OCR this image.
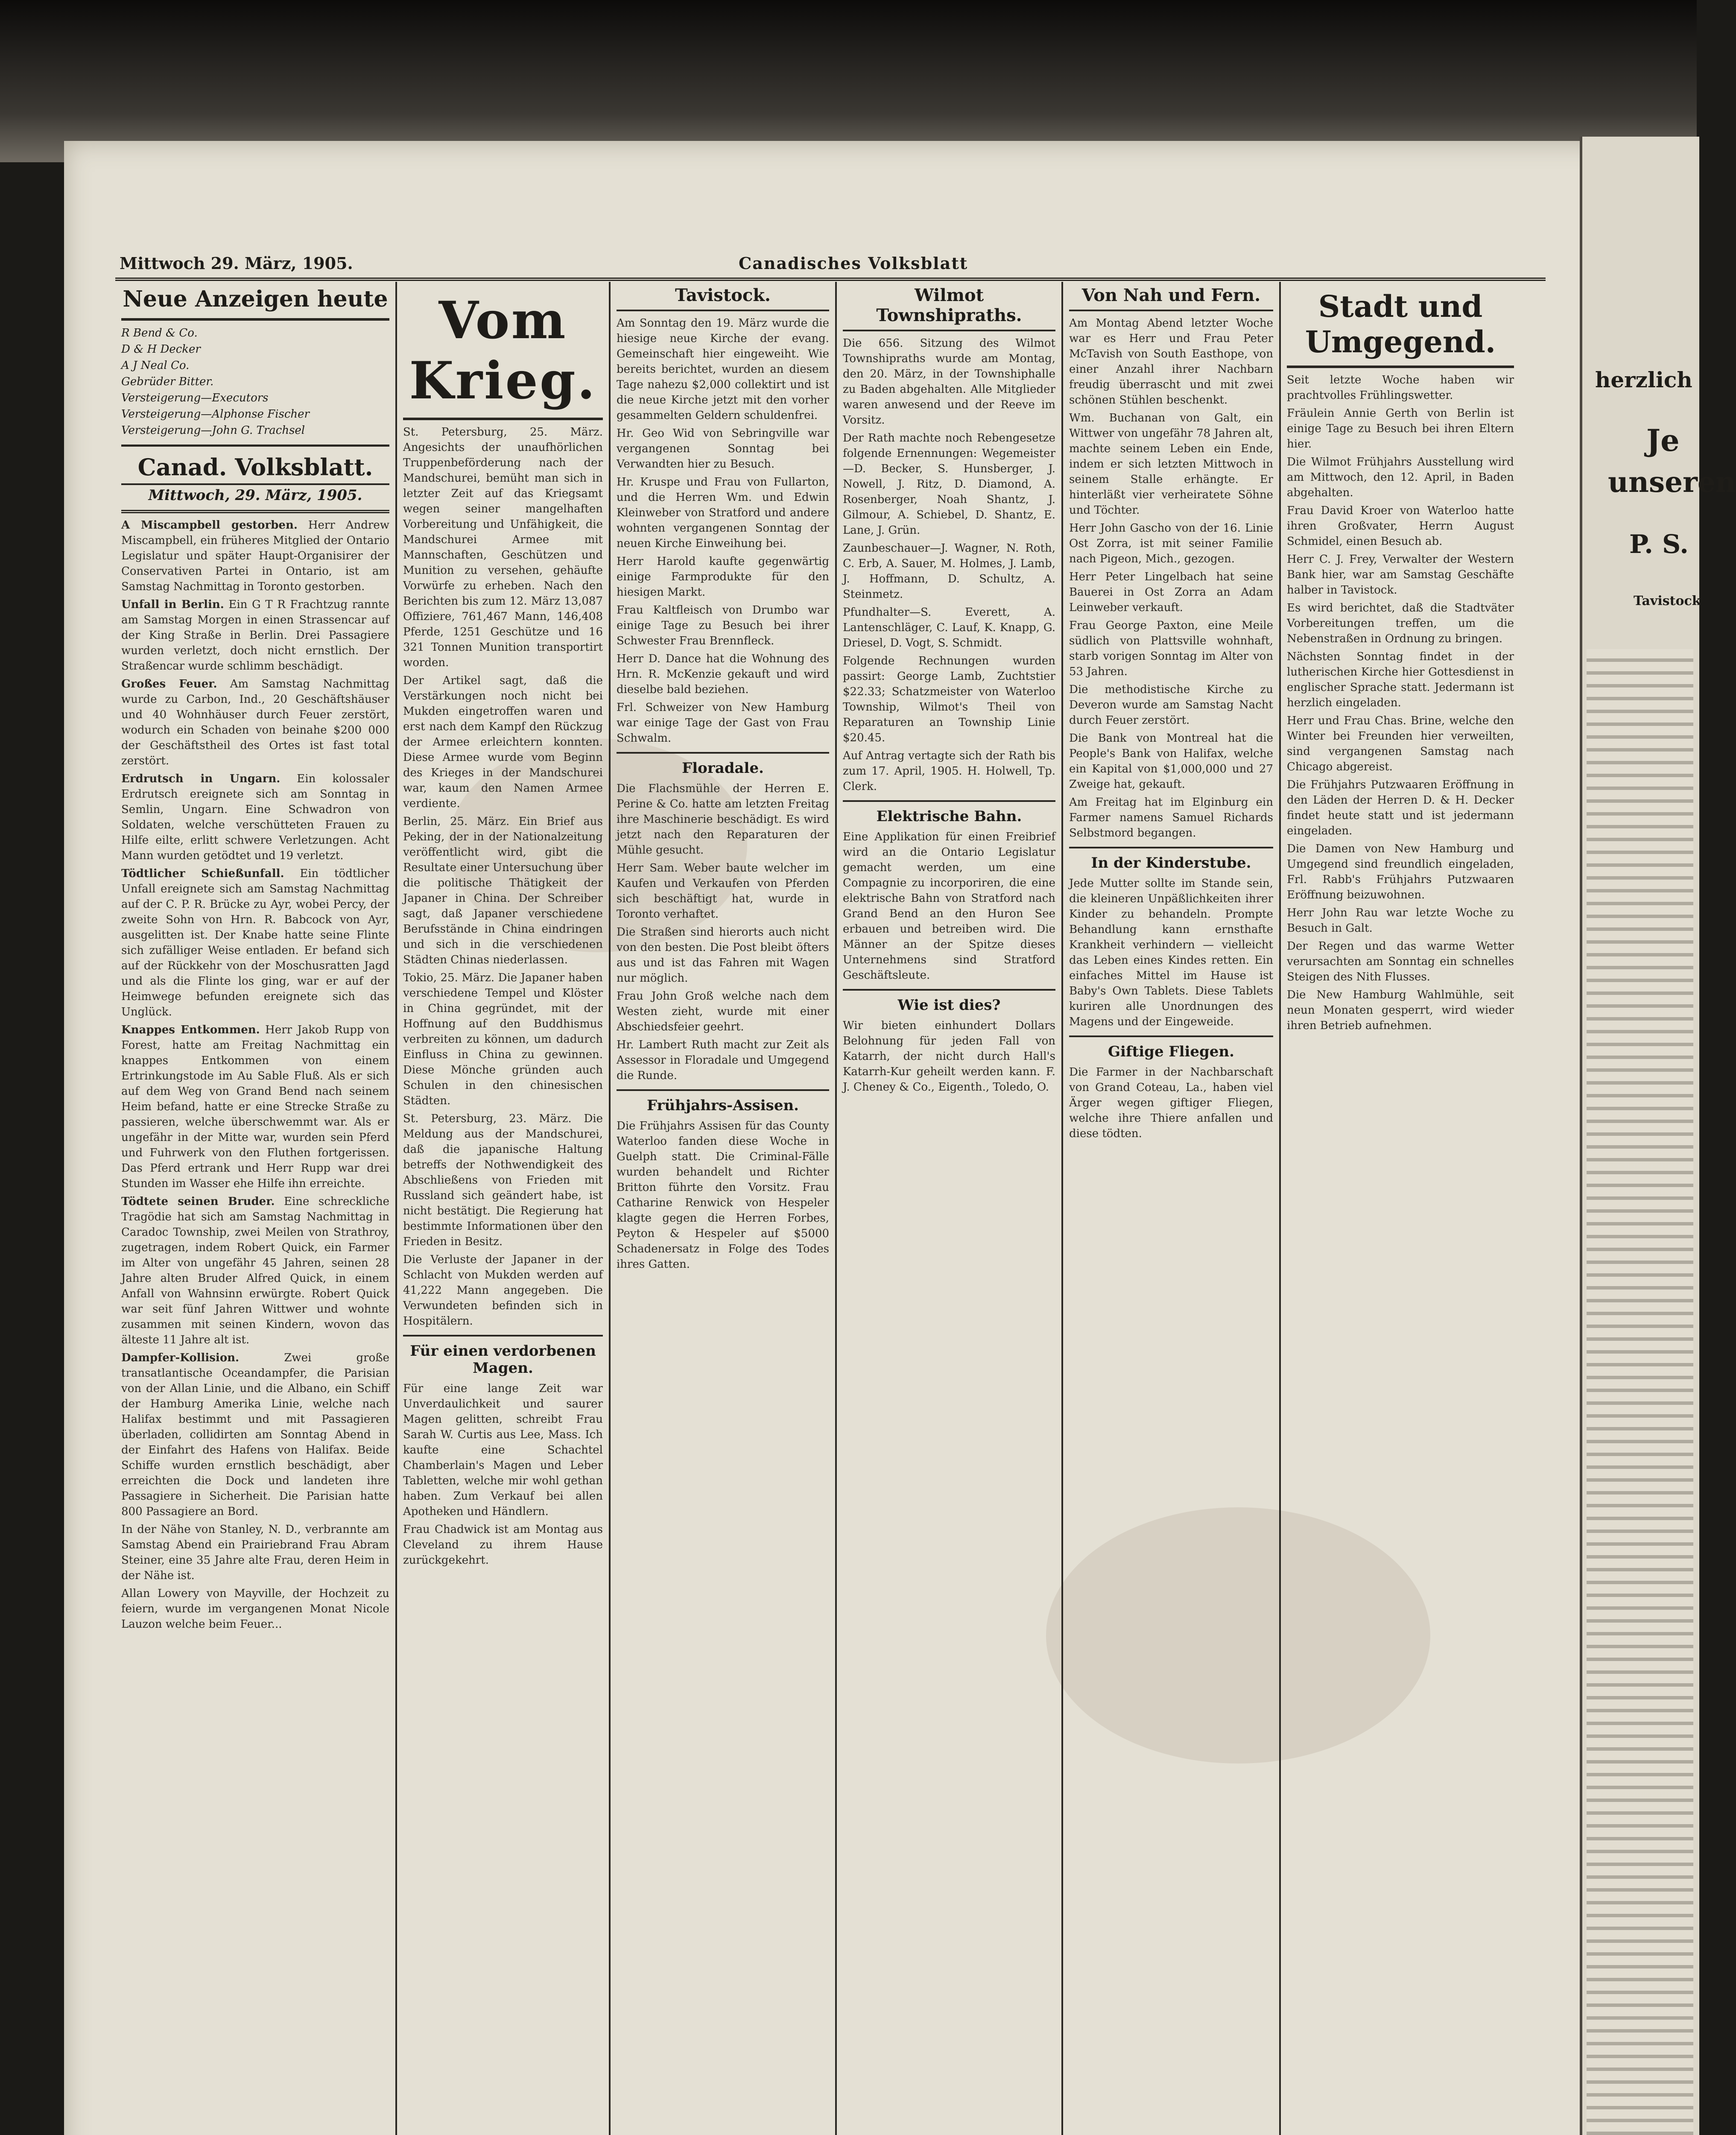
herzlich
Je
unseren
P. S.
Tavistock
Mittwoch 29. März, 1905.	Canadisches Volksblatt
Neue Anzeigen heute
R Bend & Co.
D & H Decker
A J Neal Co.
Gebrüder Bitter.
Versteigerung—Executors
Versteigerung—Alphonse Fischer
Versteigerung—John G. Trachsel
Canad. Volksblatt.
Mittwoch, 29. März, 1905.

A Miscampbell gestorben. Herr Andrew Miscampbell, ein früheres Mitglied der Ontario Legislatur und später Haupt-Organisirer der Conservativen Partei in Ontario, ist am Samstag Nachmittag in Toronto gestorben.

Unfall in Berlin. Ein G T R Frachtzug rannte am Samstag Morgen in einen Strassencar auf der King Straße in Berlin. Drei Passagiere wurden verletzt, doch nicht ernstlich. Der Straßencar wurde schlimm beschädigt.

Großes Feuer. Am Samstag Nachmittag wurde zu Carbon, Ind., 20 Geschäftshäuser und 40 Wohnhäuser durch Feuer zerstört, wodurch ein Schaden von beinahe $200 000 der Geschäftstheil des Ortes ist fast total zerstört.

Erdrutsch in Ungarn. Ein kolossaler Erdrutsch ereignete sich am Sonntag in Semlin, Ungarn. Eine Schwadron von Soldaten, welche verschütteten Frauen zu Hilfe eilte, erlitt schwere Verletzungen. Acht Mann wurden getödtet und 19 verletzt.

Tödtlicher Schießunfall. Ein tödtlicher Unfall ereignete sich am Samstag Nachmittag auf der C. P. R. Brücke zu Ayr, wobei Percy, der zweite Sohn von Hrn. R. Babcock von Ayr, ausgelitten ist. Der Knabe hatte seine Flinte sich zufälliger Weise entladen. Er befand sich auf der Rückkehr von der Moschusratten Jagd und als die Flinte los ging, war er auf der Heimwege befunden ereignete sich das Unglück.

Knappes Entkommen. Herr Jakob Rupp von Forest, hatte am Freitag Nachmittag ein knappes Entkommen von einem Ertrinkungstode im Au Sable Fluß. Als er sich auf dem Weg von Grand Bend nach seinem Heim befand, hatte er eine Strecke Straße zu passieren, welche überschwemmt war. Als er ungefähr in der Mitte war, wurden sein Pferd und Fuhrwerk von den Fluthen fortgerissen. Das Pferd ertrank und Herr Rupp war drei Stunden im Wasser ehe Hilfe ihn erreichte.

Tödtete seinen Bruder. Eine schreckliche Tragödie hat sich am Samstag Nachmittag in Caradoc Township, zwei Meilen von Strathroy, zugetragen, indem Robert Quick, ein Farmer im Alter von ungefähr 45 Jahren, seinen 28 Jahre alten Bruder Alfred Quick, in einem Anfall von Wahnsinn erwürgte. Robert Quick war seit fünf Jahren Wittwer und wohnte zusammen mit seinen Kindern, wovon das älteste 11 Jahre alt ist.

Dampfer-Kollision.	Zwei große transatlantische Oceandampfer, die Parisian von der Allan Linie, und die Albano, ein Schiff der Hamburg Amerika Linie, welche nach Halifax bestimmt und mit Passagieren überladen, collidirten am Sonntag Abend in der Einfahrt des Hafens von Halifax. Beide Schiffe wurden ernstlich beschädigt, aber erreichten die Dock und landeten ihre Passagiere in Sicherheit. Die Parisian hatte 800 Passagiere an Bord.

In der Nähe von Stanley, N. D., verbrannte am Samstag Abend ein Prairiebrand Frau Abram Steiner, eine 35 Jahre alte Frau, deren Heim in der Nähe ist.

Allan Lowery von Mayville, der Hochzeit zu feiern, wurde im vergangenen Monat Nicole Lauzon welche beim Feuer...

Vom Krieg.

St. Petersburg, 25. März. Angesichts der unaufhörlichen Truppenbeförderung nach der Mandschurei, bemüht man sich in letzter Zeit auf das Kriegsamt wegen seiner mangelhaften Vorbereitung und Unfähigkeit, die Mandschurei Armee mit Mannschaften, Geschützen und Munition zu versehen, gehäufte Vorwürfe zu erheben. Nach den Berichten bis zum 12. März 13,087 Offiziere, 761,467 Mann, 146,408 Pferde, 1251 Geschütze und 16 321 Tonnen Munition transportirt worden.

Der Artikel sagt, daß die Verstärkungen noch nicht bei Mukden eingetroffen waren und erst nach dem Kampf den Rückzug der Armee erleichtern konnten. Diese Armee wurde vom Beginn des Krieges in der Mandschurei war, kaum den Namen Armee verdiente.

Berlin, 25. März. Ein Brief aus Peking, der in der Nationalzeitung veröffentlicht wird, gibt die Resultate einer Untersuchung über die politische Thätigkeit der Japaner in China. Der Schreiber sagt, daß Japaner verschiedene Berufsstände in China eindringen und sich in die verschiedenen Städten Chinas niederlassen.

Tokio, 25. März. Die Japaner haben verschiedene Tempel und Klöster in China gegründet, mit der Hoffnung auf den Buddhismus verbreiten zu können, um dadurch Einfluss in China zu gewinnen. Diese Mönche gründen auch Schulen in den chinesischen Städten.

St. Petersburg, 23. März. Die Meldung aus der Mandschurei, daß die japanische Haltung betreffs der Nothwendigkeit des Abschließens von Frieden mit Russland sich geändert habe, ist nicht bestätigt. Die Regierung hat bestimmte Informationen über den Frieden in Besitz.

Die Verluste der Japaner in der Schlacht von Mukden werden auf 41,222 Mann angegeben. Die Verwundeten befinden sich in Hospitälern.

Für einen verdorbenen Magen.

Für eine lange Zeit war Unverdaulichkeit und saurer Magen gelitten, schreibt Frau Sarah W. Curtis aus Lee, Mass. Ich kaufte eine Schachtel Chamberlain's Magen und Leber Tabletten, welche mir wohl gethan haben. Zum Verkauf bei allen Apotheken und Händlern.

Frau Chadwick ist am Montag aus Cleveland zu ihrem Hause zurückgekehrt.

Tavistock.

Am Sonntag den 19. März wurde die hiesige neue Kirche der evang. Gemeinschaft hier eingeweiht. Wie bereits berichtet, wurden an diesem Tage nahezu $2,000 collektirt und ist die neue Kirche jetzt mit den vorher gesammelten Geldern schuldenfrei.

Hr. Geo Wid von Sebringville war vergangenen Sonntag bei Verwandten hier zu Besuch.

Hr. Kruspe und Frau von Fullarton, und die Herren Wm. und Edwin Kleinweber von Stratford und andere wohnten vergangenen Sonntag der neuen Kirche Einweihung bei.

Herr Harold kaufte gegenwärtig einige Farmprodukte für den hiesigen Markt.

Frau Kaltfleisch von Drumbo war einige Tage zu Besuch bei ihrer Schwester Frau Brennfleck.

Herr D. Dance hat die Wohnung des Hrn. R. McKenzie gekauft und wird dieselbe bald beziehen.

Frl. Schweizer von New Hamburg war einige Tage der Gast von Frau Schwalm.

Floradale.

Die Flachsmühle der Herren E. Perine & Co. hatte am letzten Freitag ihre Maschinerie beschädigt. Es wird jetzt nach den Reparaturen der Mühle gesucht.

Herr Sam. Weber baute welcher im Kaufen und Verkaufen von Pferden sich beschäftigt hat, wurde in Toronto verhaftet.

Die Straßen sind hierorts auch nicht von den besten. Die Post bleibt öfters aus und ist das Fahren mit Wagen nur möglich.

Frau John Groß welche nach dem Westen zieht, wurde mit einer Abschiedsfeier geehrt.

Hr. Lambert Ruth macht zur Zeit als Assessor in Floradale und Umgegend die Runde.

Frühjahrs-Assisen.

Die Frühjahrs Assisen für das County Waterloo fanden diese Woche in Guelph statt. Die Criminal-Fälle wurden behandelt und Richter Britton führte den Vorsitz. Frau Catharine Renwick von Hespeler klagte gegen die Herren Forbes, Peyton & Hespeler auf $5000 Schadenersatz in Folge des Todes ihres Gatten.

Wilmot Townshipraths.

Die 656. Sitzung des Wilmot Townshipraths wurde am Montag, den 20. März, in der Townshiphalle zu Baden abgehalten. Alle Mitglieder waren anwesend und der Reeve im Vorsitz.

Der Rath machte noch Rebengesetze folgende Ernennungen: Wegemeister—D. Becker, S. Hunsberger, J. Nowell, J. Ritz, D. Diamond, A. Rosenberger, Noah Shantz, J. Gilmour, A. Schiebel, D. Shantz, E. Lane, J. Grün.

Zaunbeschauer—J. Wagner, N. Roth, C. Erb, A. Sauer, M. Holmes, J. Lamb, J. Hoffmann, D. Schultz, A. Steinmetz.

Pfundhalter—S. Everett, A. Lantenschläger, C. Lauf, K. Knapp, G. Driesel, D. Vogt, S. Schmidt.

Folgende Rechnungen wurden passirt: George Lamb, Zuchtstier $22.33; Schatzmeister von Waterloo Township, Wilmot's Theil von Reparaturen an Township Linie $20.45.

Auf Antrag vertagte sich der Rath bis zum 17. April, 1905. H. Holwell, Tp. Clerk.

Elektrische Bahn.

Eine Applikation für einen Freibrief wird an die Ontario Legislatur gemacht werden, um eine Compagnie zu incorporiren, die eine elektrische Bahn von Stratford nach Grand Bend an den Huron See erbauen und betreiben wird. Die Männer an der Spitze dieses Unternehmens sind Stratford Geschäftsleute.

Wie ist dies?

Wir bieten einhundert Dollars Belohnung für jeden Fall von Katarrh, der nicht durch Hall's Katarrh-Kur geheilt werden kann. F. J. Cheney & Co., Eigenth., Toledo, O.

Von Nah und Fern.

Am Montag Abend letzter Woche war es Herr und Frau Peter McTavish von South Easthope, von einer Anzahl ihrer Nachbarn freudig überrascht und mit zwei schönen Stühlen beschenkt.

Wm. Buchanan von Galt, ein Wittwer von ungefähr 78 Jahren alt, machte seinem Leben ein Ende, indem er sich letzten Mittwoch in seinem Stalle erhängte. Er hinterläßt vier verheiratete Söhne und Töchter.

Herr John Gascho von der 16. Linie Ost Zorra, ist mit seiner Familie nach Pigeon, Mich., gezogen.

Herr Peter Lingelbach hat seine Bauerei in Ost Zorra an Adam Leinweber verkauft.

Frau George Paxton, eine Meile südlich von Plattsville wohnhaft, starb vorigen Sonntag im Alter von 53 Jahren.

Die methodistische Kirche zu Deveron wurde am Samstag Nacht durch Feuer zerstört.

Die Bank von Montreal hat die People's Bank von Halifax, welche ein Kapital von $1,000,000 und 27 Zweige hat, gekauft.

Am Freitag hat im Elginburg ein Farmer namens Samuel Richards Selbstmord begangen.

In der Kinderstube.

Jede Mutter sollte im Stande sein, die kleineren Unpäßlichkeiten ihrer Kinder zu behandeln. Prompte Behandlung kann ernsthafte Krankheit verhindern — vielleicht das Leben eines Kindes retten. Ein einfaches Mittel im Hause ist Baby's Own Tablets. Diese Tablets kuriren alle Unordnungen des Magens und der Eingeweide.

Giftige Fliegen.

Die Farmer in der Nachbarschaft von Grand Coteau, La., haben viel Ärger wegen giftiger Fliegen, welche ihre Thiere anfallen und diese tödten.

Stadt und Umgegend.

Seit letzte Woche haben wir prachtvolles Frühlingswetter.

Fräulein Annie Gerth von Berlin ist einige Tage zu Besuch bei ihren Eltern hier.

Die Wilmot Frühjahrs Ausstellung wird am Mittwoch, den 12. April, in Baden abgehalten.

Frau David Kroer von Waterloo hatte ihren Großvater, Herrn August Schmidel, einen Besuch ab.

Herr C. J. Frey, Verwalter der Western Bank hier, war am Samstag Geschäfte halber in Tavistock.

Es wird berichtet, daß die Stadtväter Vorbereitungen treffen, um die Nebenstraßen in Ordnung zu bringen.

Nächsten Sonntag findet in der lutherischen Kirche hier Gottesdienst in englischer Sprache statt. Jedermann ist herzlich eingeladen.

Herr und Frau Chas. Brine, welche den Winter bei Freunden hier verweilten, sind vergangenen Samstag nach Chicago abgereist.

Die Frühjahrs Putzwaaren Eröffnung in den Läden der Herren D. & H. Decker findet heute statt und ist jedermann eingeladen.

Die Damen von New Hamburg und Umgegend sind freundlich eingeladen, Frl. Rabb's Frühjahrs Putzwaaren Eröffnung beizuwohnen.

Herr John Rau war letzte Woche zu Besuch in Galt.

Der Regen und das warme Wetter verursachten am Sonntag ein schnelles Steigen des Nith Flusses.

Die New Hamburg Wahlmühle, seit neun Monaten gesperrt, wird wieder ihren Betrieb aufnehmen.
